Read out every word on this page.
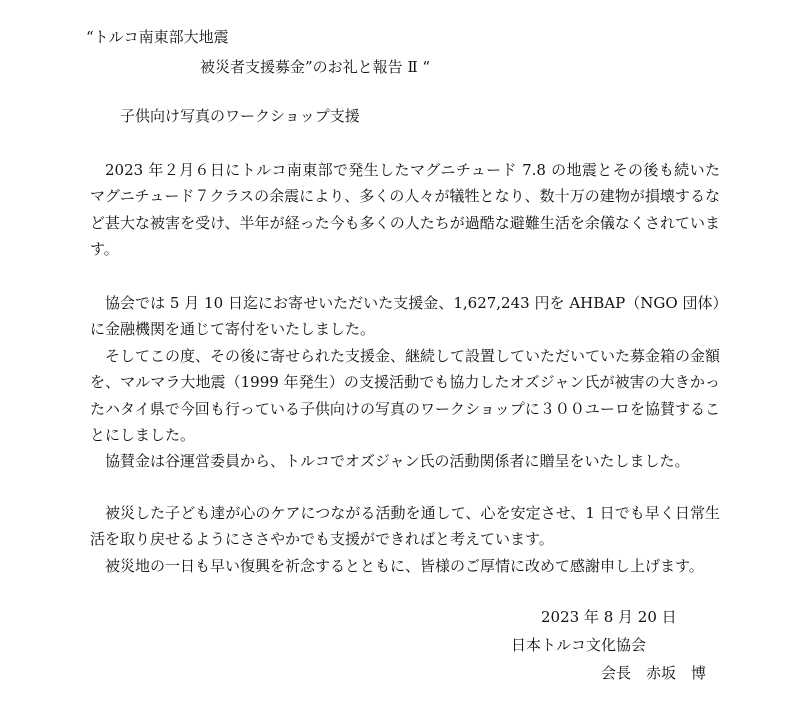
“トルコ南東部大地震
被災者支援募金”のお礼と報告 Ⅱ “
子供向け写真のワークショップ支援

2023 年２月６日にトルコ南東部で発生したマグニチュード 7.8 の地震とその後も続いたマグニチュード７クラスの余震により、多くの人々が犠牲となり、数十万の建物が損壊するなど甚大な被害を受け、半年が経った今も多くの人たちが過酷な避難生活を余儀なくされています。

協会では 5 月 10 日迄にお寄せいただいた支援金、1,627,243 円を AHBAP（NGO 団体）に金融機関を通じて寄付をいたしました。

そしてこの度、その後に寄せられた支援金、継続して設置していただいていた募金箱の金額を、マルマラ大地震（1999 年発生）の支援活動でも協力したオズジャン氏が被害の大きかったハタイ県で今回も行っている子供向けの写真のワークショップに３００ユーロを協賛することにしました。

協賛金は谷運営委員から、トルコでオズジャン氏の活動関係者に贈呈をいたしました。

被災した子ども達が心のケアにつながる活動を通して、心を安定させ、1 日でも早く日常生活を取り戻せるようにささやかでも支援ができればと考えています。

被災地の一日も早い復興を祈念するとともに、皆様のご厚情に改めて感謝申し上げます。

2023 年 8 月 20 日
日本トルコ文化協会
会長　赤坂　博
